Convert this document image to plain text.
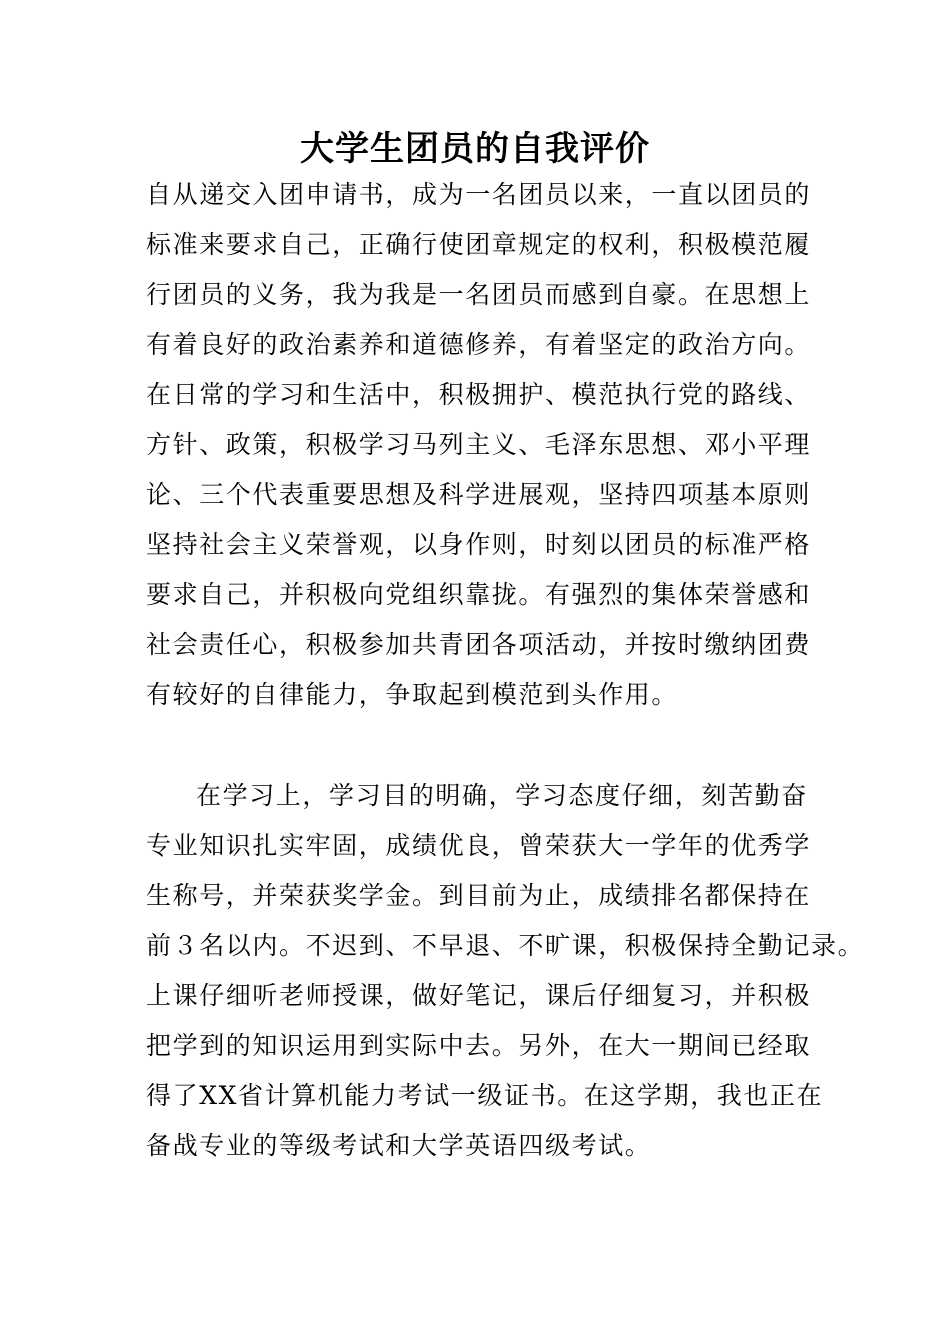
大学生团员的自我评价
自从递交入团申请书，成为一名团员以来，一直以团员的
标准来要求自己，正确行使团章规定的权利，积极模范履
行团员的义务，我为我是一名团员而感到自豪。在思想上
有着良好的政治素养和道德修养，有着坚定的政治方向。
在日常的学习和生活中，积极拥护、模范执行党的路线、
方针、政策，积极学习马列主义、毛泽东思想、邓小平理
论、三个代表重要思想及科学进展观，坚持四项基本原则
坚持社会主义荣誉观，以身作则，时刻以团员的标准严格
要求自己，并积极向党组织靠拢。有强烈的集体荣誉感和
社会责任心，积极参加共青团各项活动，并按时缴纳团费
有较好的自律能力，争取起到模范到头作用。
在学习上，学习目的明确，学习态度仔细，刻苦勤奋
专业知识扎实牢固，成绩优良，曾荣获大一学年的优秀学
生称号，并荣获奖学金。到目前为止，成绩排名都保持在
前３名以内。不迟到、不早退、不旷课，积极保持全勤记录。
上课仔细听老师授课，做好笔记，课后仔细复习，并积极
把学到的知识运用到实际中去。另外，在大一期间已经取
得了XX省计算机能力考试一级证书。在这学期，我也正在
备战专业的等级考试和大学英语四级考试。
